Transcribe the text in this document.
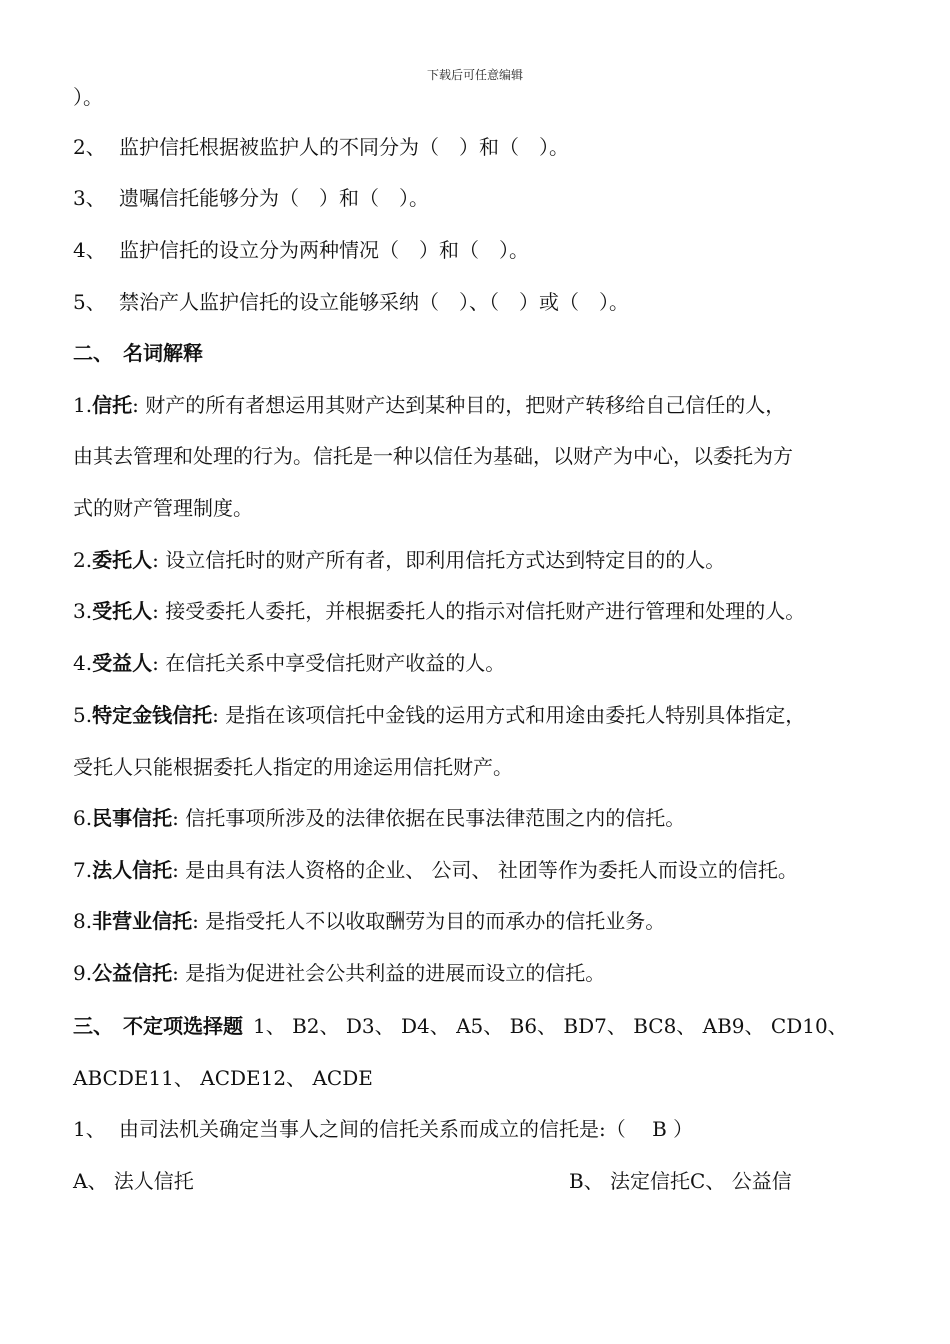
下载后可任意编辑
）。
2、 监护信托根据被监护人的不同分为（　）和（　）。
3、 遗嘱信托能够分为（　）和（　）。
4、 监护信托的设立分为两种情况（　）和（　）。
5、 禁治产人监护信托的设立能够采纳（　）、（　）或（　）。
二、　名词解释
1.信托: 财产的所有者想运用其财产达到某种目的，把财产转移给自己信任的人，
由其去管理和处理的行为。信托是一种以信任为基础，以财产为中心，以委托为方
式的财产管理制度。
2.委托人: 设立信托时的财产所有者，即利用信托方式达到特定目的的人。
3.受托人: 接受委托人委托，并根据委托人的指示对信托财产进行管理和处理的人。
4.受益人: 在信托关系中享受信托财产收益的人。
5.特定金钱信托: 是指在该项信托中金钱的运用方式和用途由委托人特别具体指定，
受托人只能根据委托人指定的用途运用信托财产。
6.民事信托: 信托事项所涉及的法律依据在民事法律范围之内的信托。
7.法人信托: 是由具有法人资格的企业、 公司、 社团等作为委托人而设立的信托。
8.非营业信托: 是指受托人不以收取酬劳为目的而承办的信托业务。
9.公益信托: 是指为促进社会公共利益的进展而设立的信托。
三、　不定项选择题 1、 B2、 D3、 D4、 A5、 B6、 BD7、 BC8、 AB9、 CD10、
ABCDE11、 ACDE12、 ACDE
1、 由司法机关确定当事人之间的信托关系而成立的信托是:（　 B ）
A、 法人信托	B、 法定信托C、 公益信
